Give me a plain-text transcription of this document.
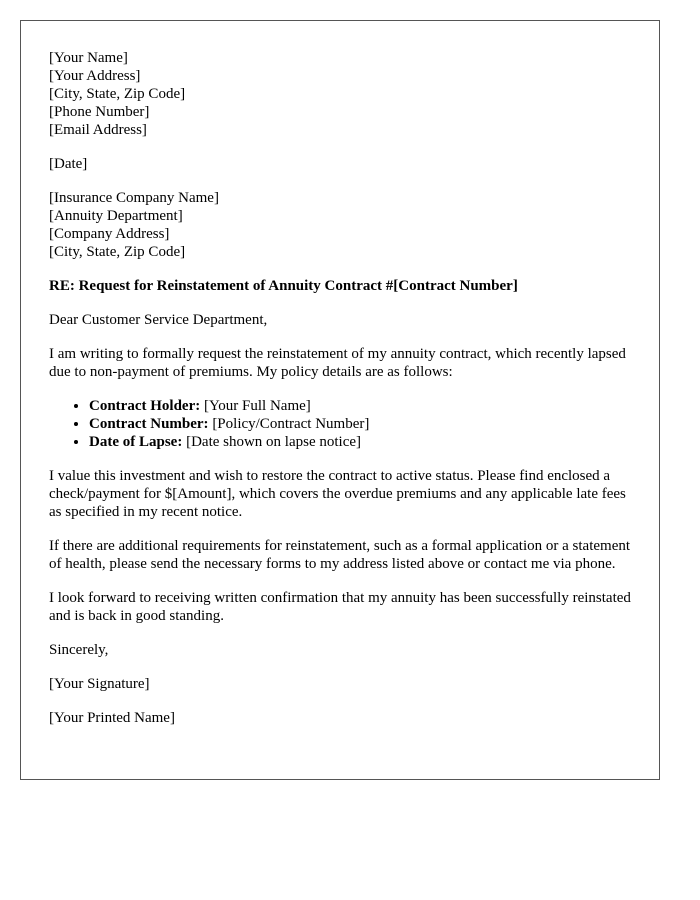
[Your Name]
[Your Address]
[City, State, Zip Code]
[Phone Number]
[Email Address]
[Date]
[Insurance Company Name]
[Annuity Department]
[Company Address]
[City, State, Zip Code]
RE: Request for Reinstatement of Annuity Contract #[Contract Number]

Dear Customer Service Department,

I am writing to formally request the reinstatement of my annuity contract, which recently lapsed due to non-payment of premiums. My policy details are as follows:

• Contract Holder: [Your Full Name]
• Contract Number: [Policy/Contract Number]
• Date of Lapse: [Date shown on lapse notice]

I value this investment and wish to restore the contract to active status. Please find enclosed a check/payment for $[Amount], which covers the overdue premiums and any applicable late fees as specified in my recent notice.

If there are additional requirements for reinstatement, such as a formal application or a statement of health, please send the necessary forms to my address listed above or contact me via phone.

I look forward to receiving written confirmation that my annuity has been successfully reinstated and is back in good standing.

Sincerely,

[Your Signature]

[Your Printed Name]
